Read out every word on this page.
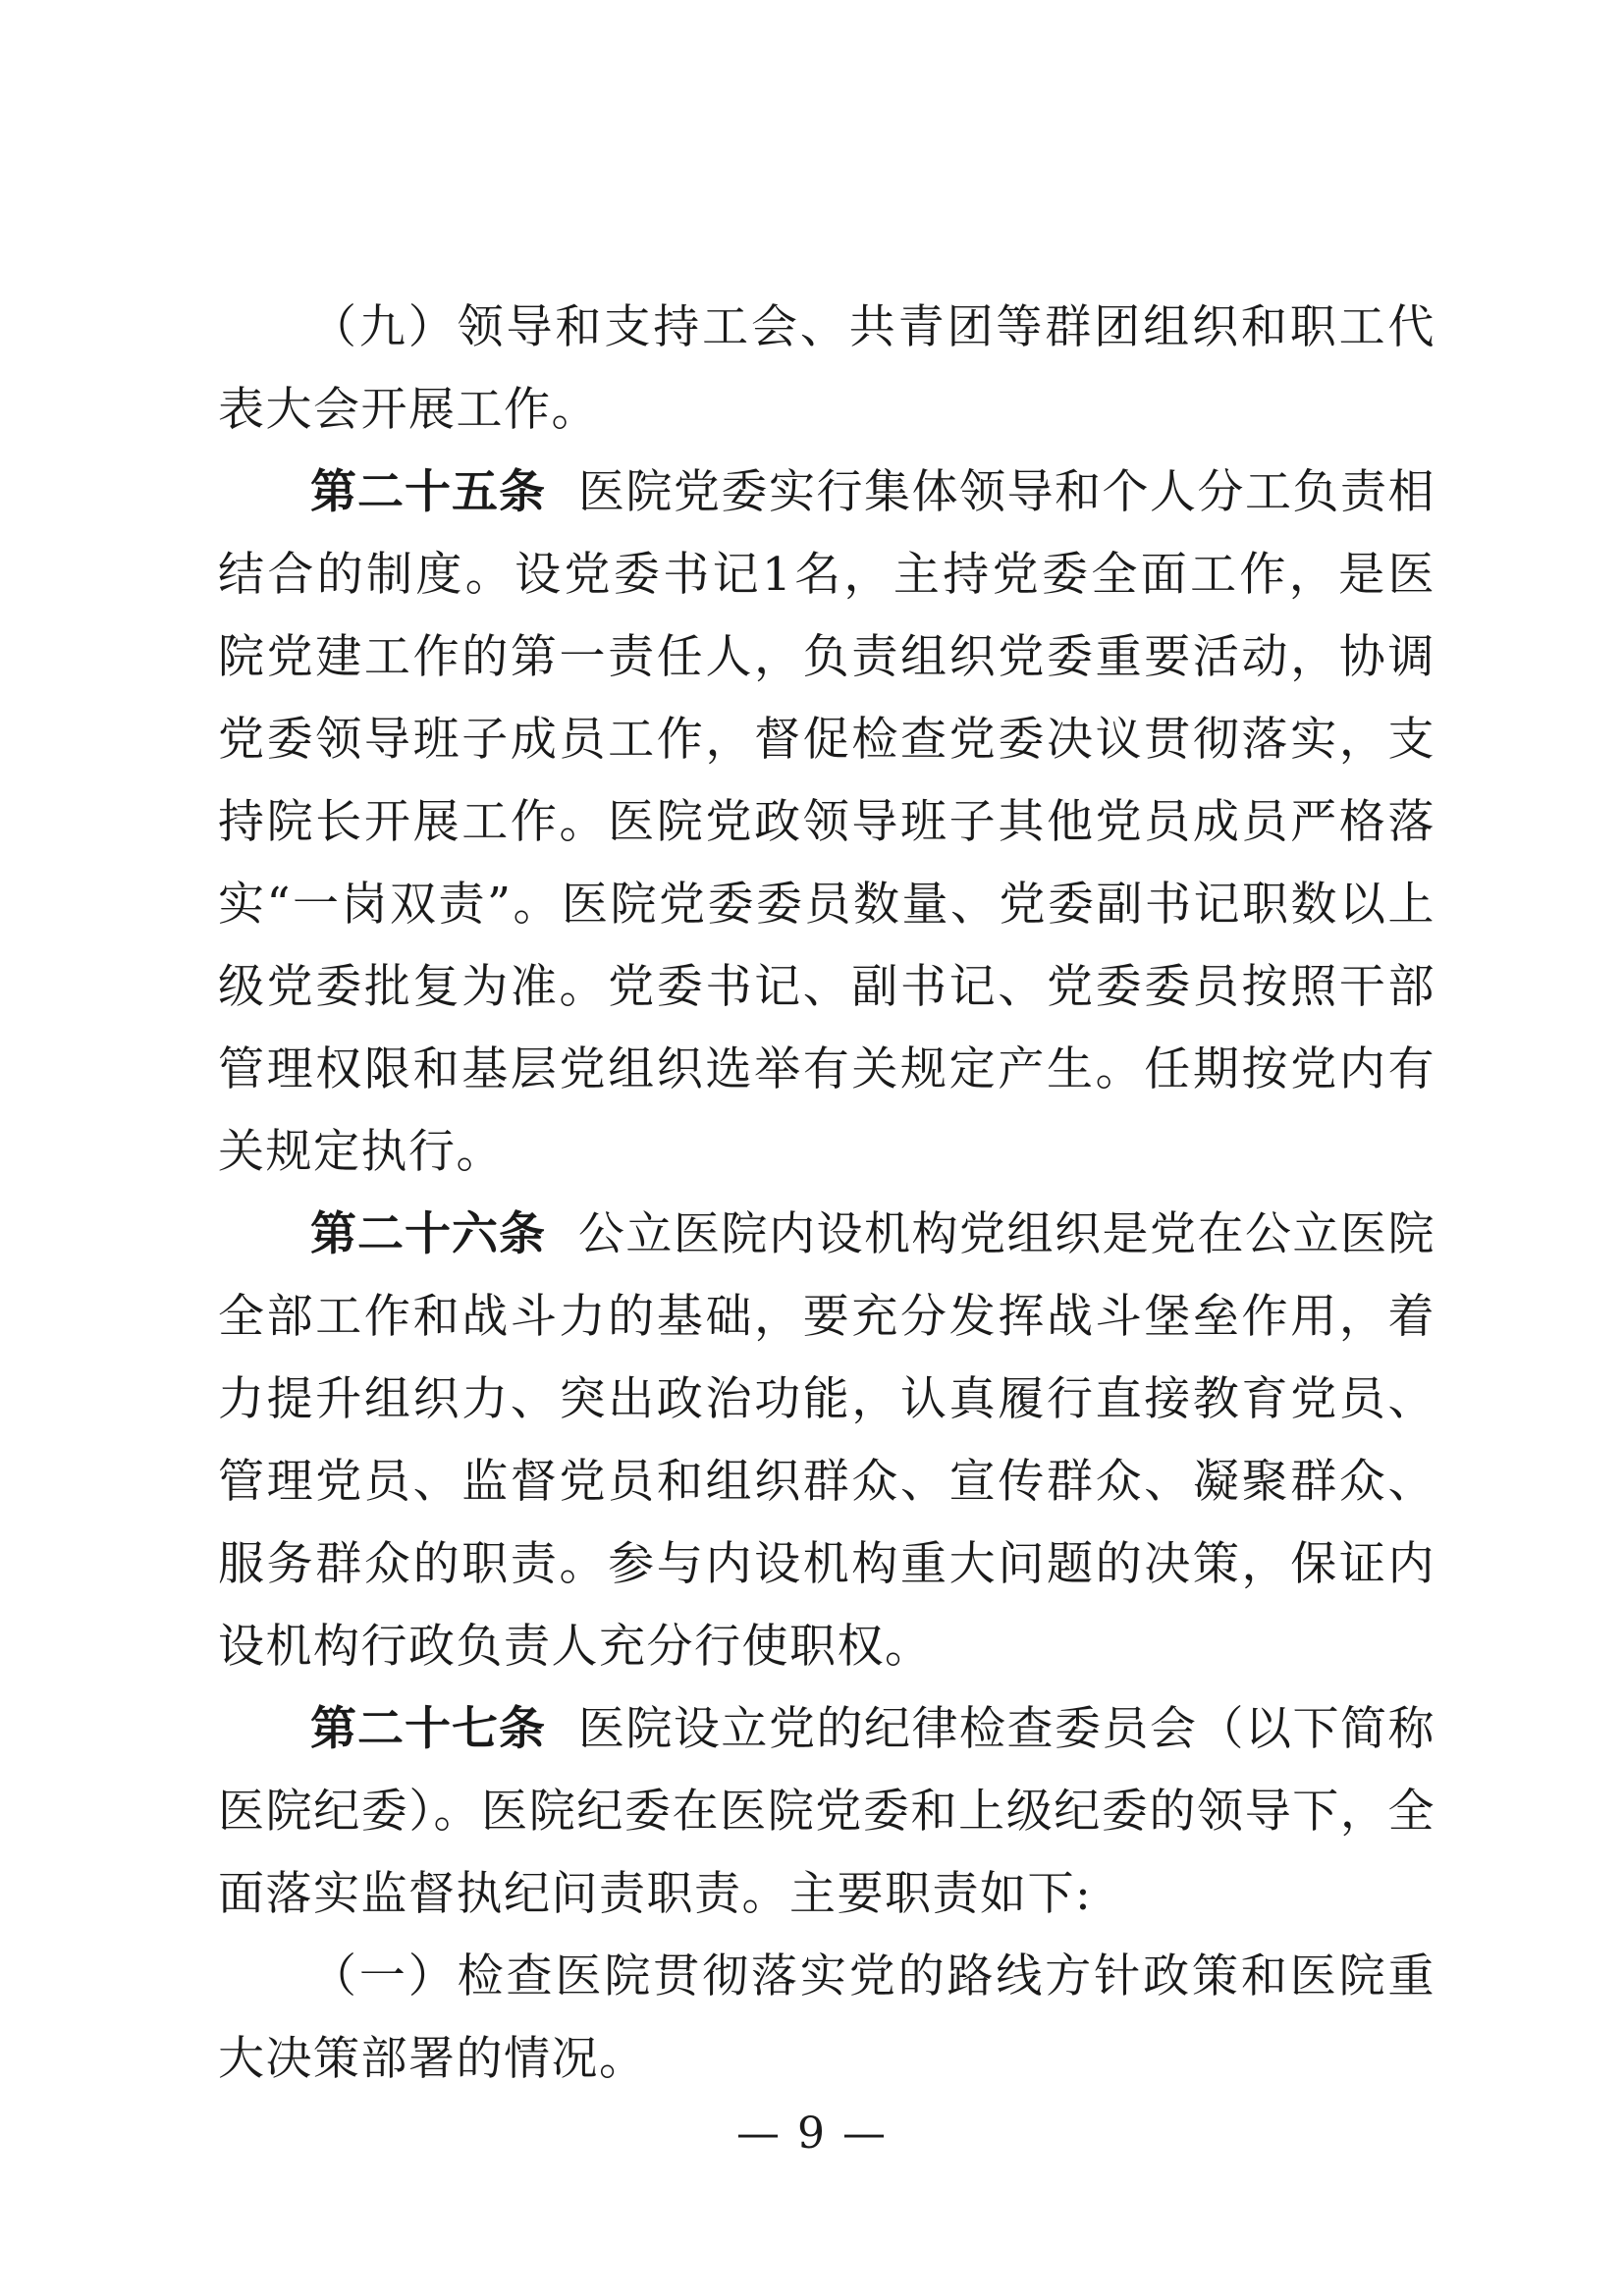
（九）领导和支持工会、共青团等群团组织和职工代表大会开展工作。

第二十五条 医院党委实行集体领导和个人分工负责相结合的制度。设党委书记1名，主持党委全面工作，是医院党建工作的第一责任人，负责组织党委重要活动，协调党委领导班子成员工作，督促检查党委决议贯彻落实，支持院长开展工作。医院党政领导班子其他党员成员严格落实“一岗双责”。医院党委委员数量、党委副书记职数以上级党委批复为准。党委书记、副书记、党委委员按照干部管理权限和基层党组织选举有关规定产生。任期按党内有关规定执行。

第二十六条 公立医院内设机构党组织是党在公立医院全部工作和战斗力的基础，要充分发挥战斗堡垒作用，着力提升组织力、突出政治功能，认真履行直接教育党员、管理党员、监督党员和组织群众、宣传群众、凝聚群众、服务群众的职责。参与内设机构重大问题的决策，保证内设机构行政负责人充分行使职权。

第二十七条 医院设立党的纪律检查委员会（以下简称医院纪委）。医院纪委在医院党委和上级纪委的领导下，全面落实监督执纪问责职责。主要职责如下:

（一）检查医院贯彻落实党的路线方针政策和医院重大决策部署的情况。

— 9 —
